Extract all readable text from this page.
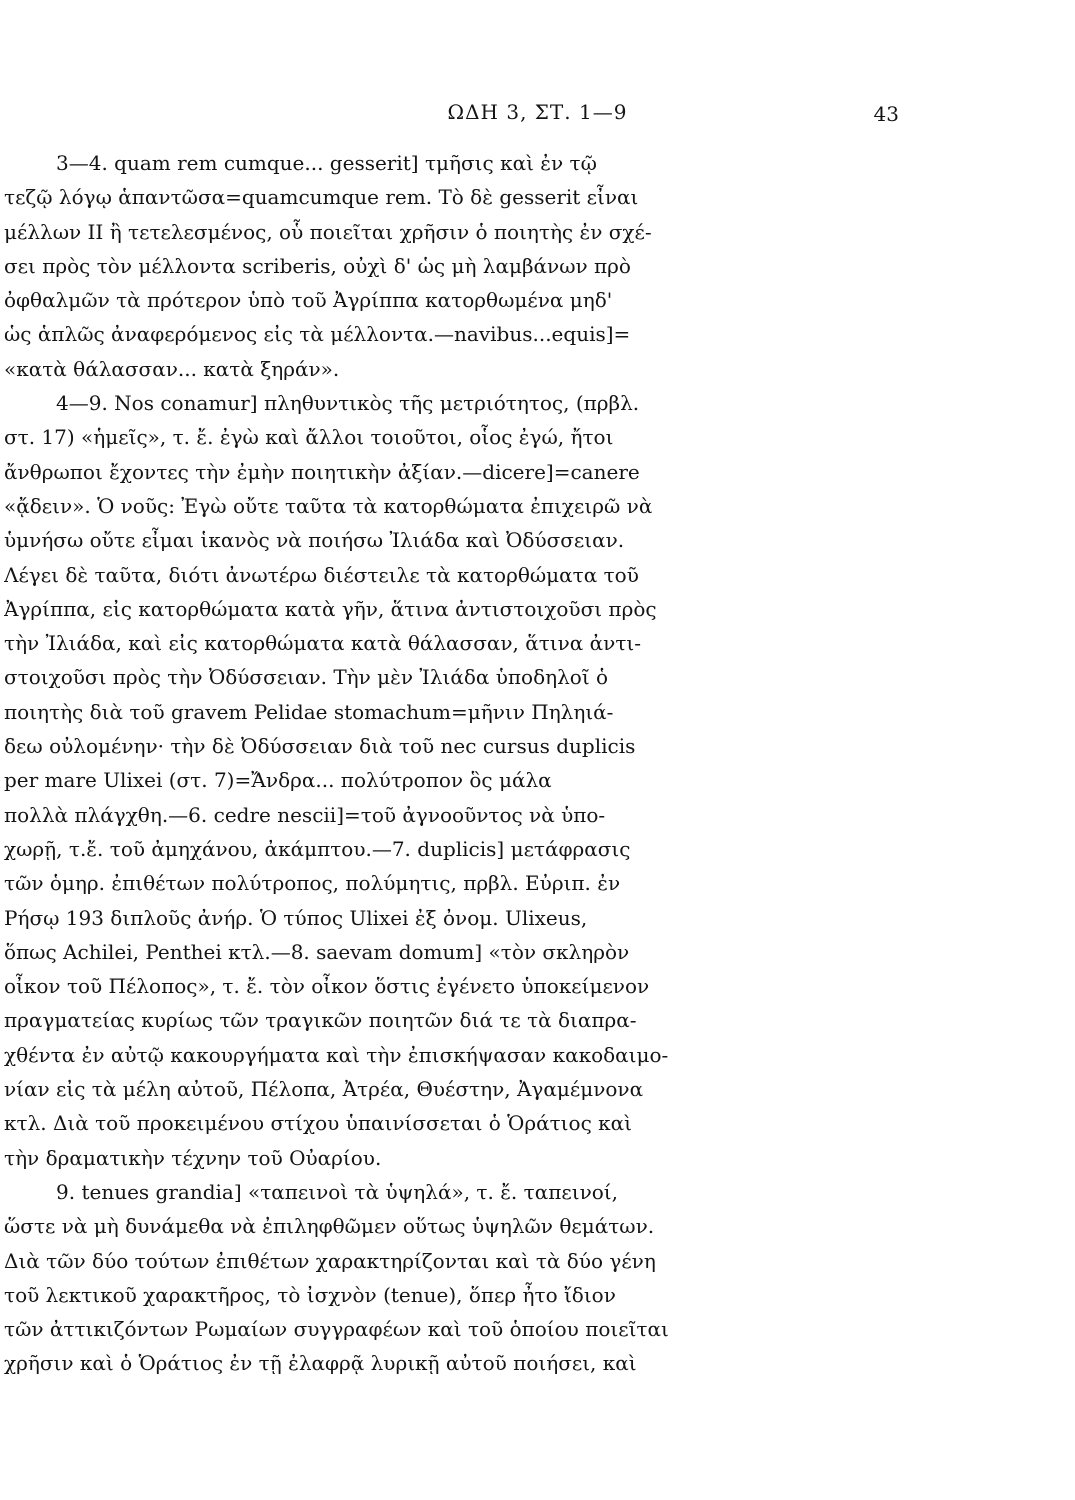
ΩΔΗ 3, ΣΤ. 1—9	43
3—4. quam rem cumque... gesserit] τμῆσις καὶ ἐν τῷ
τεζῷ λόγῳ ἁπαντῶσα=quamcumque rem. Τὸ δὲ gesserit εἶναι
μέλλων II ἢ τετελεσμένος, οὗ ποιεῖται χρῆσιν ὁ ποιητὴς ἐν σχέ-
σει πρὸς τὸν μέλλοντα scriberis, οὐχὶ δ' ὡς μὴ λαμβάνων πρὸ
ὀφθαλμῶν τὰ πρότερον ὑπὸ τοῦ Ἀγρίππα κατορθωμένα μηδ'
ὡς ἁπλῶς ἀναφερόμενος εἰς τὰ μέλλοντα.—navibus...equis]=
«κατὰ θάλασσαν... κατὰ ξηράν».
4—9. Nos conamur] πληθυντικὸς τῆς μετριότητος, (πρβλ.
στ. 17) «ἡμεῖς», τ. ἔ. ἐγὼ καὶ ἄλλοι τοιοῦτοι, οἷος ἐγώ, ἤτοι
ἄνθρωποι ἔχοντες τὴν ἐμὴν ποιητικὴν ἀξίαν.—dicere]=canere
«ᾄδειν». Ὁ νοῦς: Ἐγὼ οὔτε ταῦτα τὰ κατορθώματα ἐπιχειρῶ νὰ
ὑμνήσω οὔτε εἶμαι ἱκανὸς νὰ ποιήσω Ἰλιάδα καὶ Ὀδύσσειαν.
Λέγει δὲ ταῦτα, διότι ἀνωτέρω διέστειλε τὰ κατορθώματα τοῦ
Ἀγρίππα, εἰς κατορθώματα κατὰ γῆν, ἅτινα ἀντιστοιχοῦσι πρὸς
τὴν Ἰλιάδα, καὶ εἰς κατορθώματα κατὰ θάλασσαν, ἅτινα ἀντι-
στοιχοῦσι πρὸς τὴν Ὀδύσσειαν. Τὴν μὲν Ἰλιάδα ὑποδηλοῖ ὁ
ποιητὴς διὰ τοῦ gravem Pelidae stomachum=μῆνιν Πηληιά-
δεω οὐλομένην· τὴν δὲ Ὀδύσσειαν διὰ τοῦ nec cursus duplicis
per mare Ulixei (στ. 7)=Ἄνδρα... πολύτροπον ὃς μάλα
πολλὰ πλάγχθη.—6. cedre nescii]=τοῦ ἀγνοοῦντος νὰ ὑπο-
χωρῇ, τ.ἔ. τοῦ ἀμηχάνου, ἀκάμπτου.—7. duplicis] μετάφρασις
τῶν ὁμηρ. ἐπιθέτων πολύτροπος, πολύμητις, πρβλ. Εὐριπ. ἐν
Ρήσῳ 193 διπλοῦς ἀνήρ. Ὁ τύπος Ulixei ἐξ ὀνομ. Ulixeus,
ὅπως Achilei, Penthei κτλ.—8. saevam domum] «τὸν σκληρὸν
οἶκον τοῦ Πέλοπος», τ. ἔ. τὸν οἶκον ὅστις ἐγένετο ὑποκείμενον
πραγματείας κυρίως τῶν τραγικῶν ποιητῶν διά τε τὰ διαπρα-
χθέντα ἐν αὐτῷ κακουργήματα καὶ τὴν ἐπισκήψασαν κακοδαιμο-
νίαν εἰς τὰ μέλη αὐτοῦ, Πέλοπα, Ἀτρέα, Θυέστην, Ἀγαμέμνονα
κτλ. Διὰ τοῦ προκειμένου στίχου ὑπαινίσσεται ὁ Ὁράτιος καὶ
τὴν δραματικὴν τέχνην τοῦ Οὐαρίου.
9. tenues grandia] «ταπεινοὶ τὰ ὑψηλά», τ. ἔ. ταπεινοί,
ὥστε νὰ μὴ δυνάμεθα νὰ ἐπιληφθῶμεν οὕτως ὑψηλῶν θεμάτων.
Διὰ τῶν δύο τούτων ἐπιθέτων χαρακτηρίζονται καὶ τὰ δύο γένη
τοῦ λεκτικοῦ χαρακτῆρος, τὸ ἰσχνὸν (tenue), ὅπερ ἦτο ἴδιον
τῶν ἀττικιζόντων Ρωμαίων συγγραφέων καὶ τοῦ ὁποίου ποιεῖται
χρῆσιν καὶ ὁ Ὁράτιος ἐν τῇ ἐλαφρᾷ λυρικῇ αὐτοῦ ποιήσει, καὶ
